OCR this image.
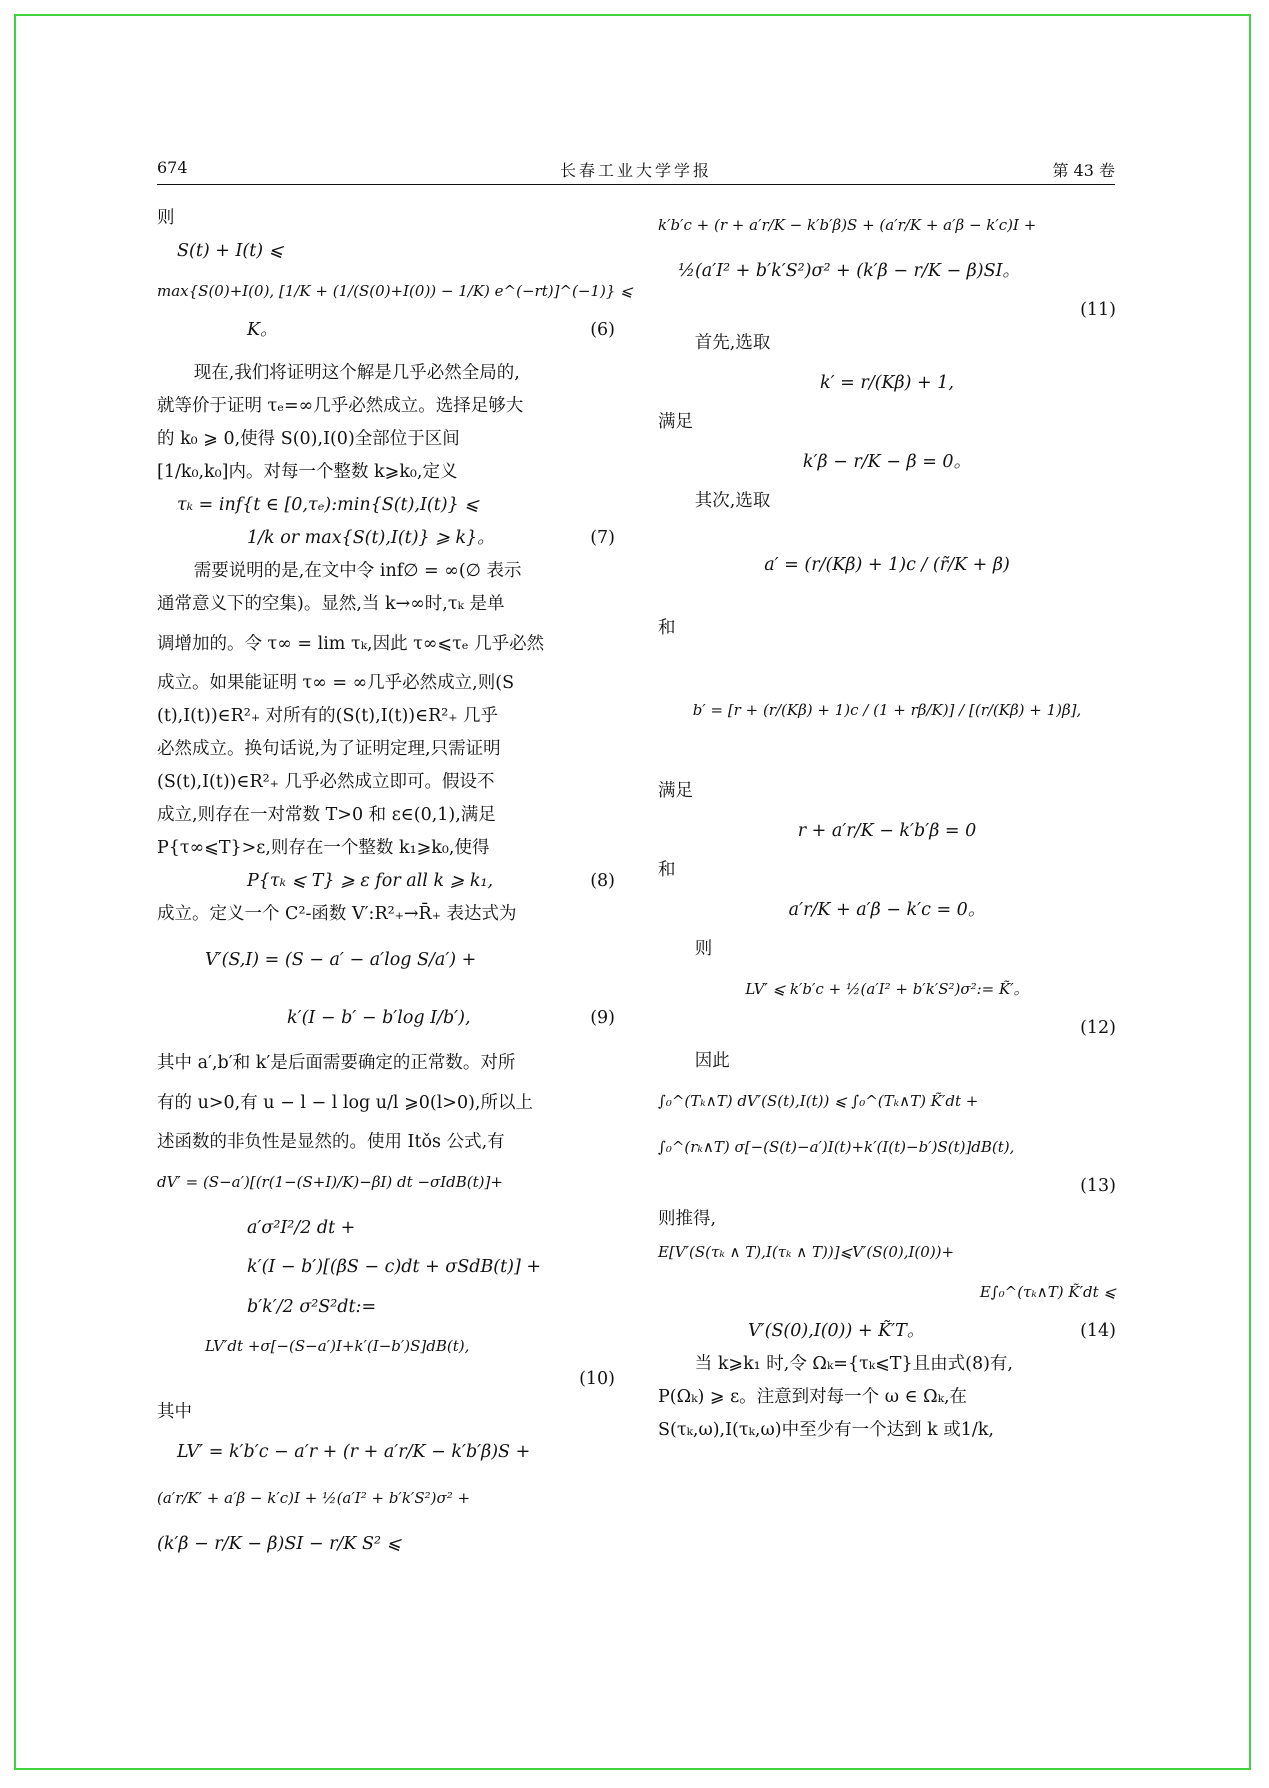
674	长春工业大学学报	第 43 卷
则
S(t) + I(t) ⩽
max{S(0)+I(0), [1/K + (1/(S(0)+I(0)) − 1/K) e^(−rt)]^(−1)} ⩽
K。	(6)
现在,我们将证明这个解是几乎必然全局的,
就等价于证明 τₑ=∞几乎必然成立。选择足够大
的 k₀ ⩾ 0,使得 S(0),I(0)全部位于区间
[1/k₀,k₀]内。对每一个整数 k⩾k₀,定义
τₖ = inf{t ∈ [0,τₑ):min{S(t),I(t)} ⩽
1/k or max{S(t),I(t)} ⩾ k}。	(7)
需要说明的是,在文中令 inf∅ = ∞(∅ 表示
通常意义下的空集)。显然,当 k→∞时,τₖ 是单
调增加的。令 τ∞ = lim τₖ,因此 τ∞⩽τₑ 几乎必然
成立。如果能证明 τ∞ = ∞几乎必然成立,则(S
(t),I(t))∈R²₊ 对所有的(S(t),I(t))∈R²₊ 几乎
必然成立。换句话说,为了证明定理,只需证明
(S(t),I(t))∈R²₊ 几乎必然成立即可。假设不
成立,则存在一对常数 T>0 和 ε∈(0,1),满足
P{τ∞⩽T}>ε,则存在一个整数 k₁⩾k₀,使得
P{τₖ ⩽ T} ⩾ ε for all k ⩾ k₁,	(8)
成立。定义一个 C²-函数 V′:R²₊→R̄₊ 表达式为
V′(S,I) = (S − a′ − a′log S/a′) +
k′(I − b′ − b′log I/b′),	(9)
其中 a′,b′和 k′是后面需要确定的正常数。对所
有的 u>0,有 u − l − l log u/l ⩾0(l>0),所以上
述函数的非负性是显然的。使用 Itǒs 公式,有
dV′ = (S−a′)[(r(1−(S+I)/K)−βI) dt −σIdB(t)]+
a′σ²I²/2 dt +
k′(I − b′)[(βS − c)dt + σSdB(t)] +
b′k′/2 σ²S²dt:=
LV′dt +σ[−(S−a′)I+k′(I−b′)S]dB(t),
(10)
其中
LV′ = k′b′c − a′r + (r + a′r/K − k′b′β)S +
(a′r/K′ + a′β − k′c)I + ½(a′I² + b′k′S²)σ² +
(k′β − r/K − β)SI − r/K S² ⩽
k′b′c + (r + a′r/K − k′b′β)S + (a′r/K + a′β − k′c)I +
½(a′I² + b′k′S²)σ² + (k′β − r/K − β)SI。
(11)
首先,选取
k′ = r/(Kβ) + 1,
满足
k′β − r/K − β = 0。
其次,选取
a′ = (r/(Kβ) + 1)c / (r̃/K + β)
和
b′ = [r + (r/(Kβ) + 1)c / (1 + rβ/K)] / [(r/(Kβ) + 1)β],
满足
r + a′r/K − k′b′β = 0
和
a′r/K + a′β − k′c = 0。
则
LV′ ⩽ k′b′c + ½(a′I² + b′k′S²)σ²:= K̃′。
(12)
因此
∫₀^(Tₖ∧T) dV′(S(t),I(t)) ⩽ ∫₀^(Tₖ∧T) K̃′dt +
∫₀^(rₖ∧T) σ[−(S(t)−a′)I(t)+k′(I(t)−b′)S(t)]dB(t),
(13)
则推得,
E[V′(S(τₖ ∧ T),I(τₖ ∧ T))]⩽V′(S(0),I(0))+
E∫₀^(τₖ∧T) K̃′dt ⩽
V′(S(0),I(0)) + K̃′T。	(14)
当 k⩾k₁ 时,令 Ωₖ={τₖ⩽T}且由式(8)有,
P(Ωₖ) ⩾ ε。注意到对每一个 ω ∈ Ωₖ,在
S(τₖ,ω),I(τₖ,ω)中至少有一个达到 k 或1/k,
